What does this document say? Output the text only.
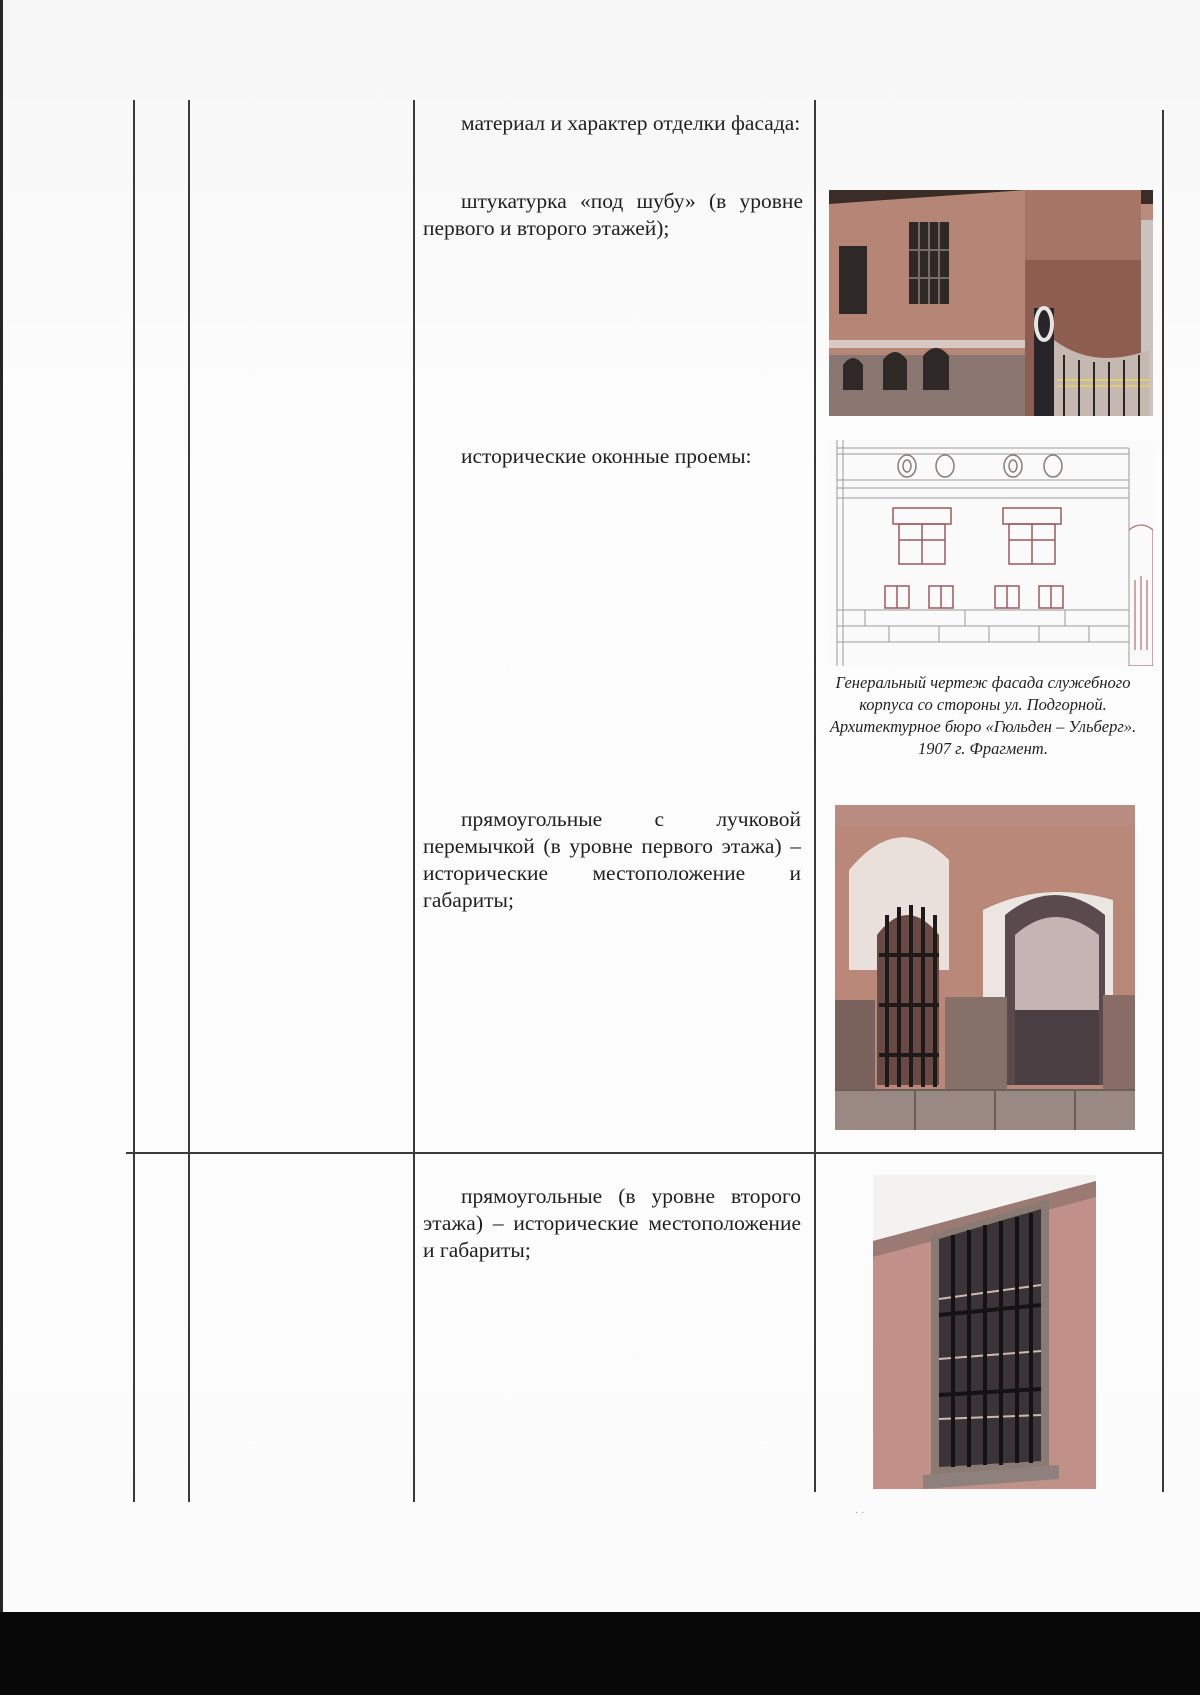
материал и характер отделки фасада:

штукатурка «под шубу» (в уровне первого и второго этажей);

исторические оконные проемы:

прямоугольные с лучковой перемычкой (в уровне первого этажа) – исторические местоположение и габариты;

прямоугольные (в уровне второго этажа) – исторические местоположение и габариты;

Генеральный чертеж фасада служебного корпуса со стороны ул. Подгорной. Архитектурное бюро «Гюльден – Ульберг». 1907 г. Фрагмент.

· ·
